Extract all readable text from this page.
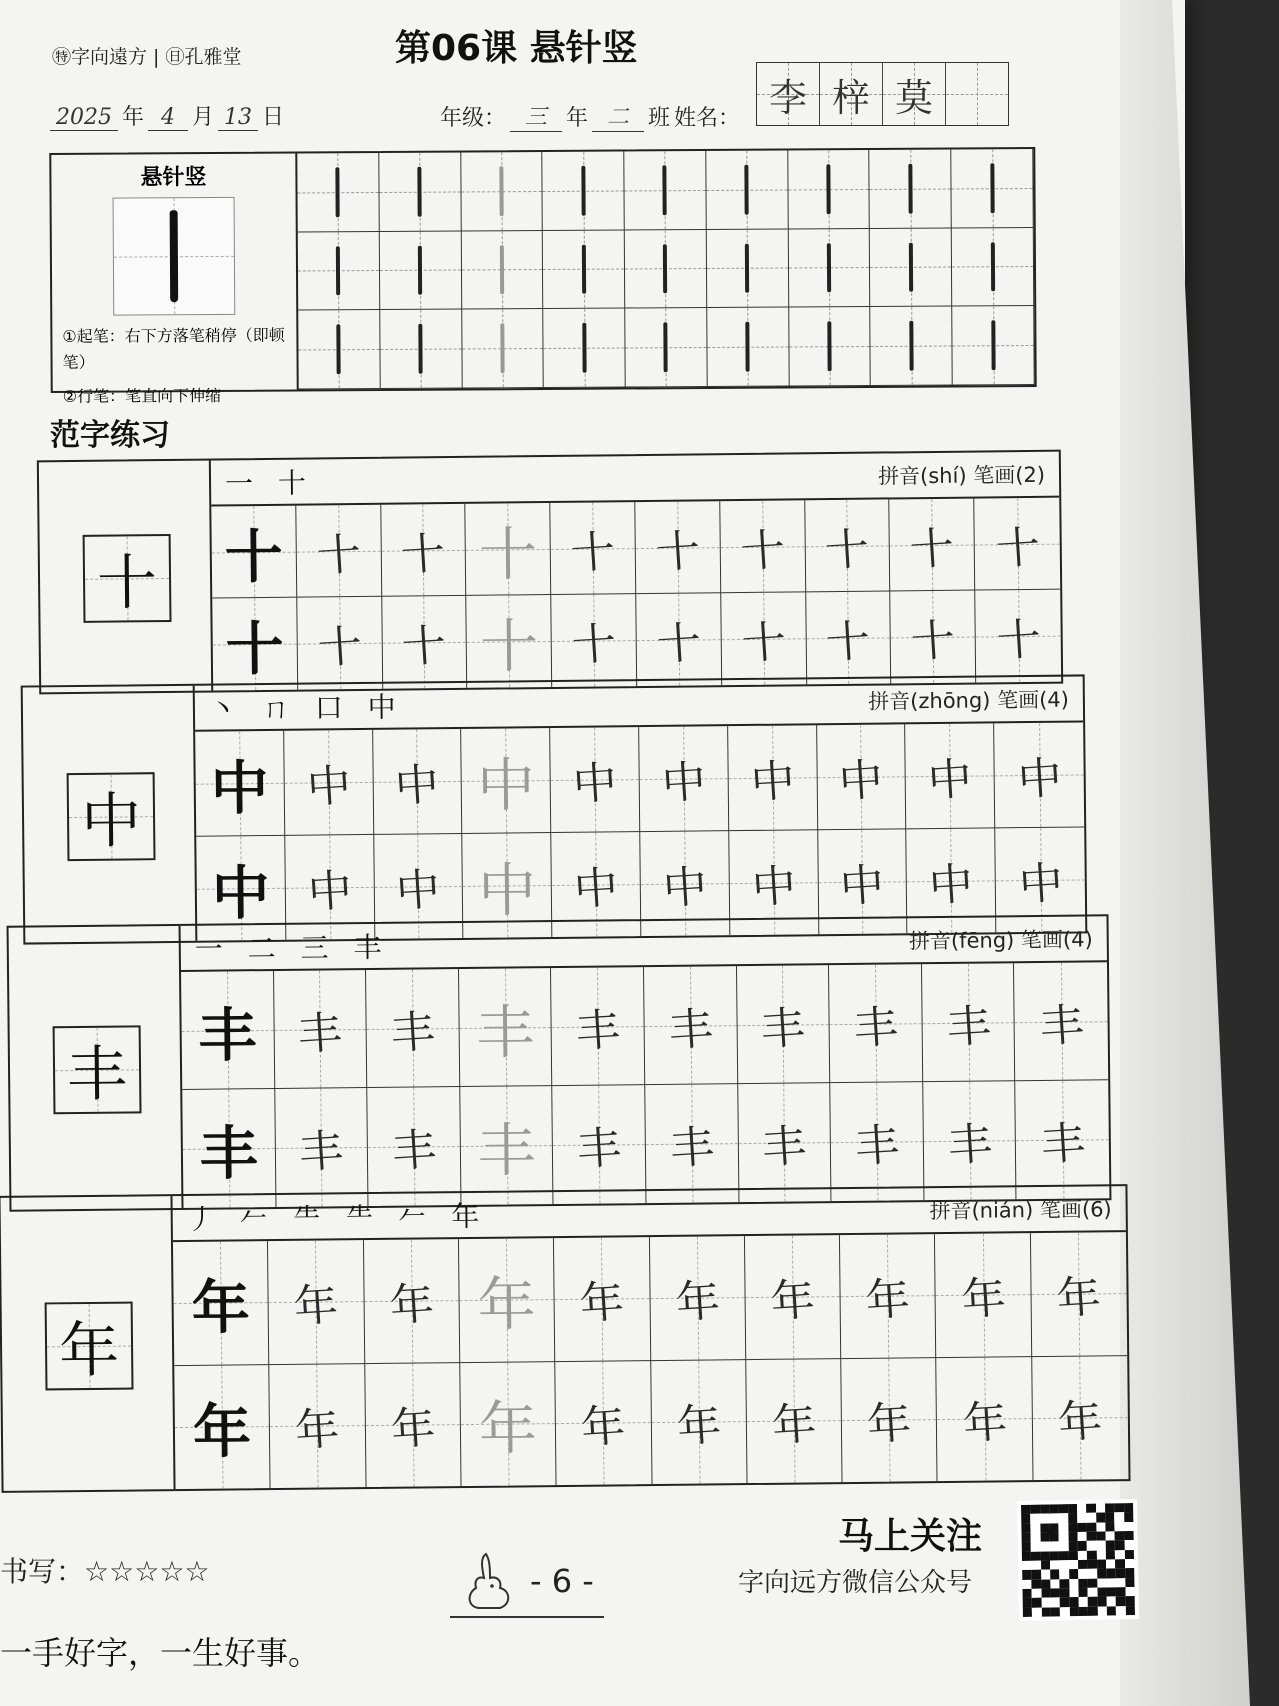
㊕字向遠方 | ㊐孔雅堂	第06课 悬针竖
2025 年 4 月 13 日	年级： 三 年 二 班 姓名： 李 梓 莫
悬针竖
①起笔：右下方落笔稍停（即顿笔）
②行笔：笔直向下伸缩
范字练习
十
一 十	拼音(shí) 笔画(2)
十 十 十 十 十 十 十 十 十 十
十 十 十 十 十 十 十 十 十 十
中
丶 ㄇ 口 中	拼音(zhōng) 笔画(4)
中 中 中 中 中 中 中 中 中 中
中 中 中 中 中 中 中 中 中 中
丰
一 二 三 丰	拼音(fēng) 笔画(4)
丰 丰 丰 丰 丰 丰 丰 丰 丰 丰
丰 丰 丰 丰 丰 丰 丰 丰 丰 丰
年
丿 𠂉 ⺧ ⺧ 𠂉 年	拼音(nián) 笔画(6)
年 年 年 年 年 年 年 年 年 年
年 年 年 年 年 年 年 年 年 年
书写：☆☆☆☆☆	- 6 -
马上关注
字向远方微信公众号
一手好字，一生好事。
